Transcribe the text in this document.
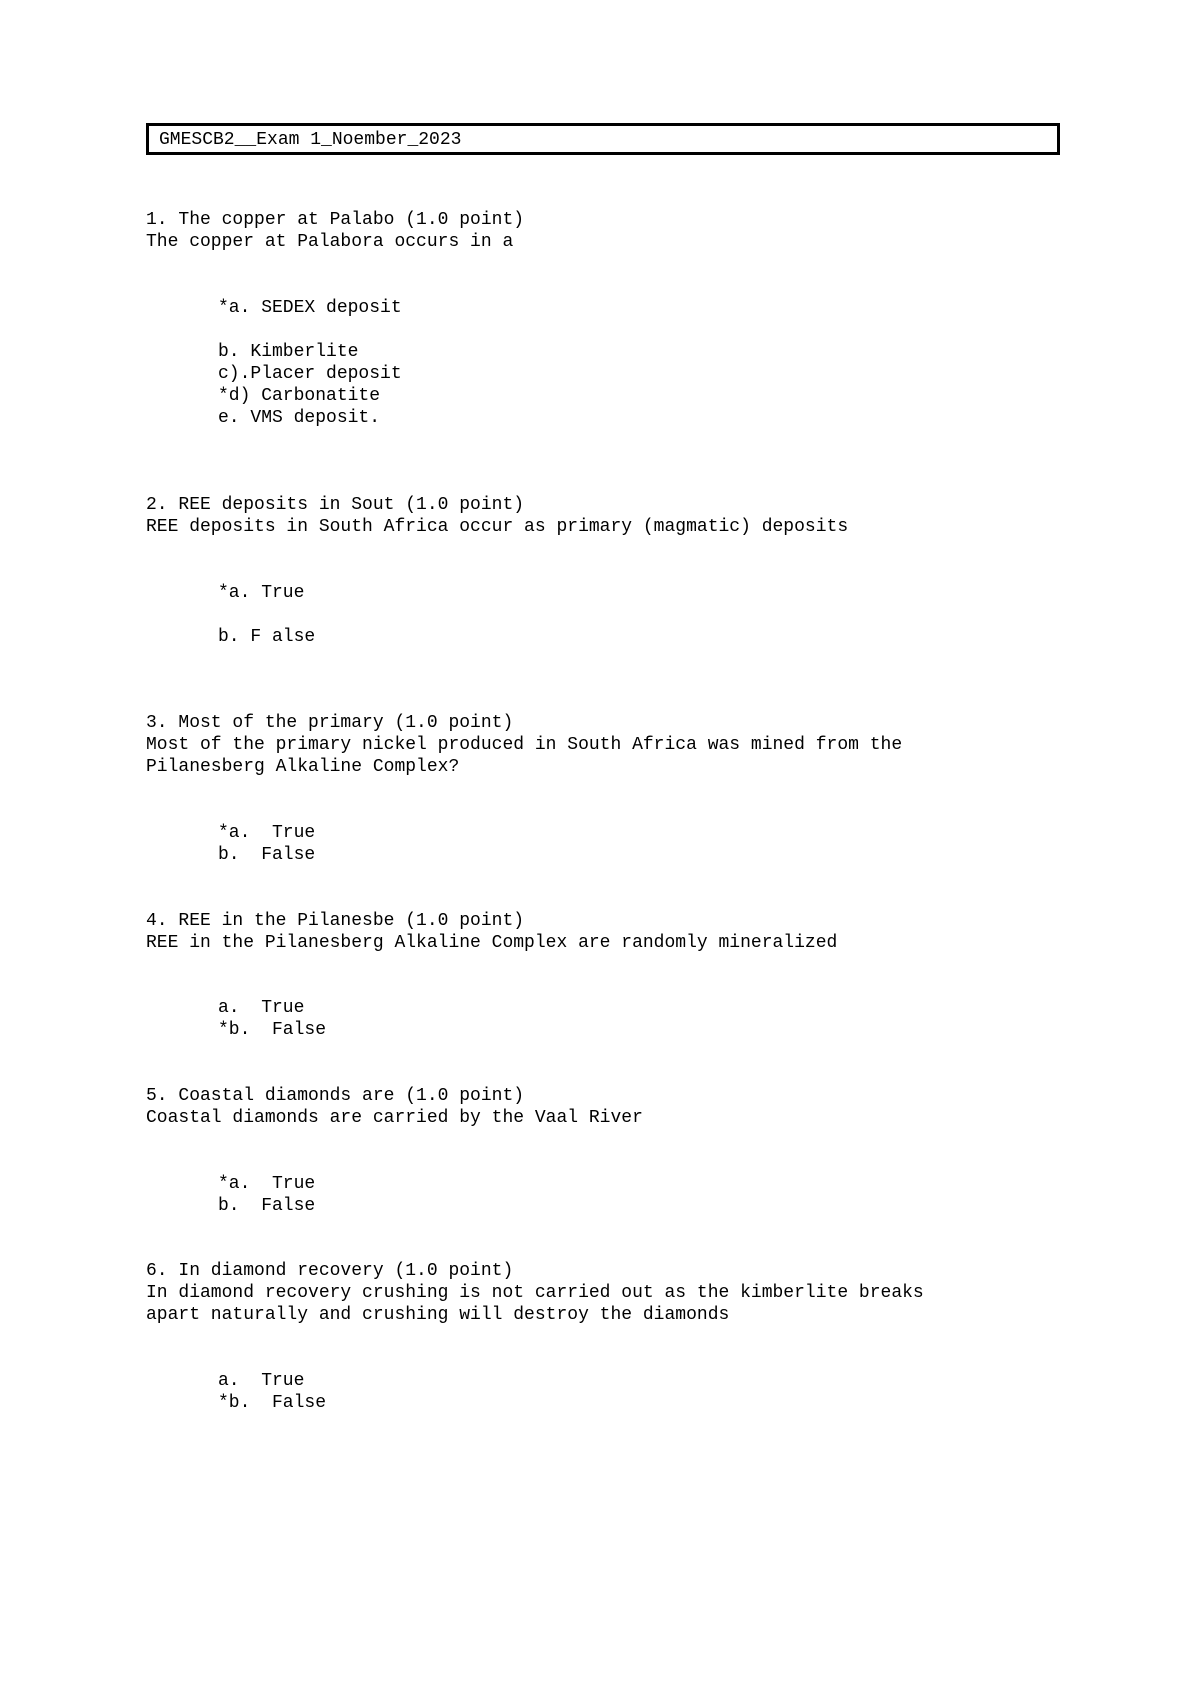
GMESCB2__Exam 1_Noember_2023
1. The copper at Palabo (1.0 point)
The copper at Palabora occurs in a
*a. SEDEX deposit
b. Kimberlite
c).Placer deposit
*d) Carbonatite
e. VMS deposit.
2. REE deposits in Sout (1.0 point)
REE deposits in South Africa occur as primary (magmatic) deposits
*a. True
b. F alse
3. Most of the primary (1.0 point)
Most of the primary nickel produced in South Africa was mined from the
Pilanesberg Alkaline Complex?
*a.  True
b.  False
4. REE in the Pilanesbe (1.0 point)
REE in the Pilanesberg Alkaline Complex are randomly mineralized
a.  True
*b.  False
5. Coastal diamonds are (1.0 point)
Coastal diamonds are carried by the Vaal River
*a.  True
b.  False
6. In diamond recovery (1.0 point)
In diamond recovery crushing is not carried out as the kimberlite breaks
apart naturally and crushing will destroy the diamonds
a.  True
*b.  False
